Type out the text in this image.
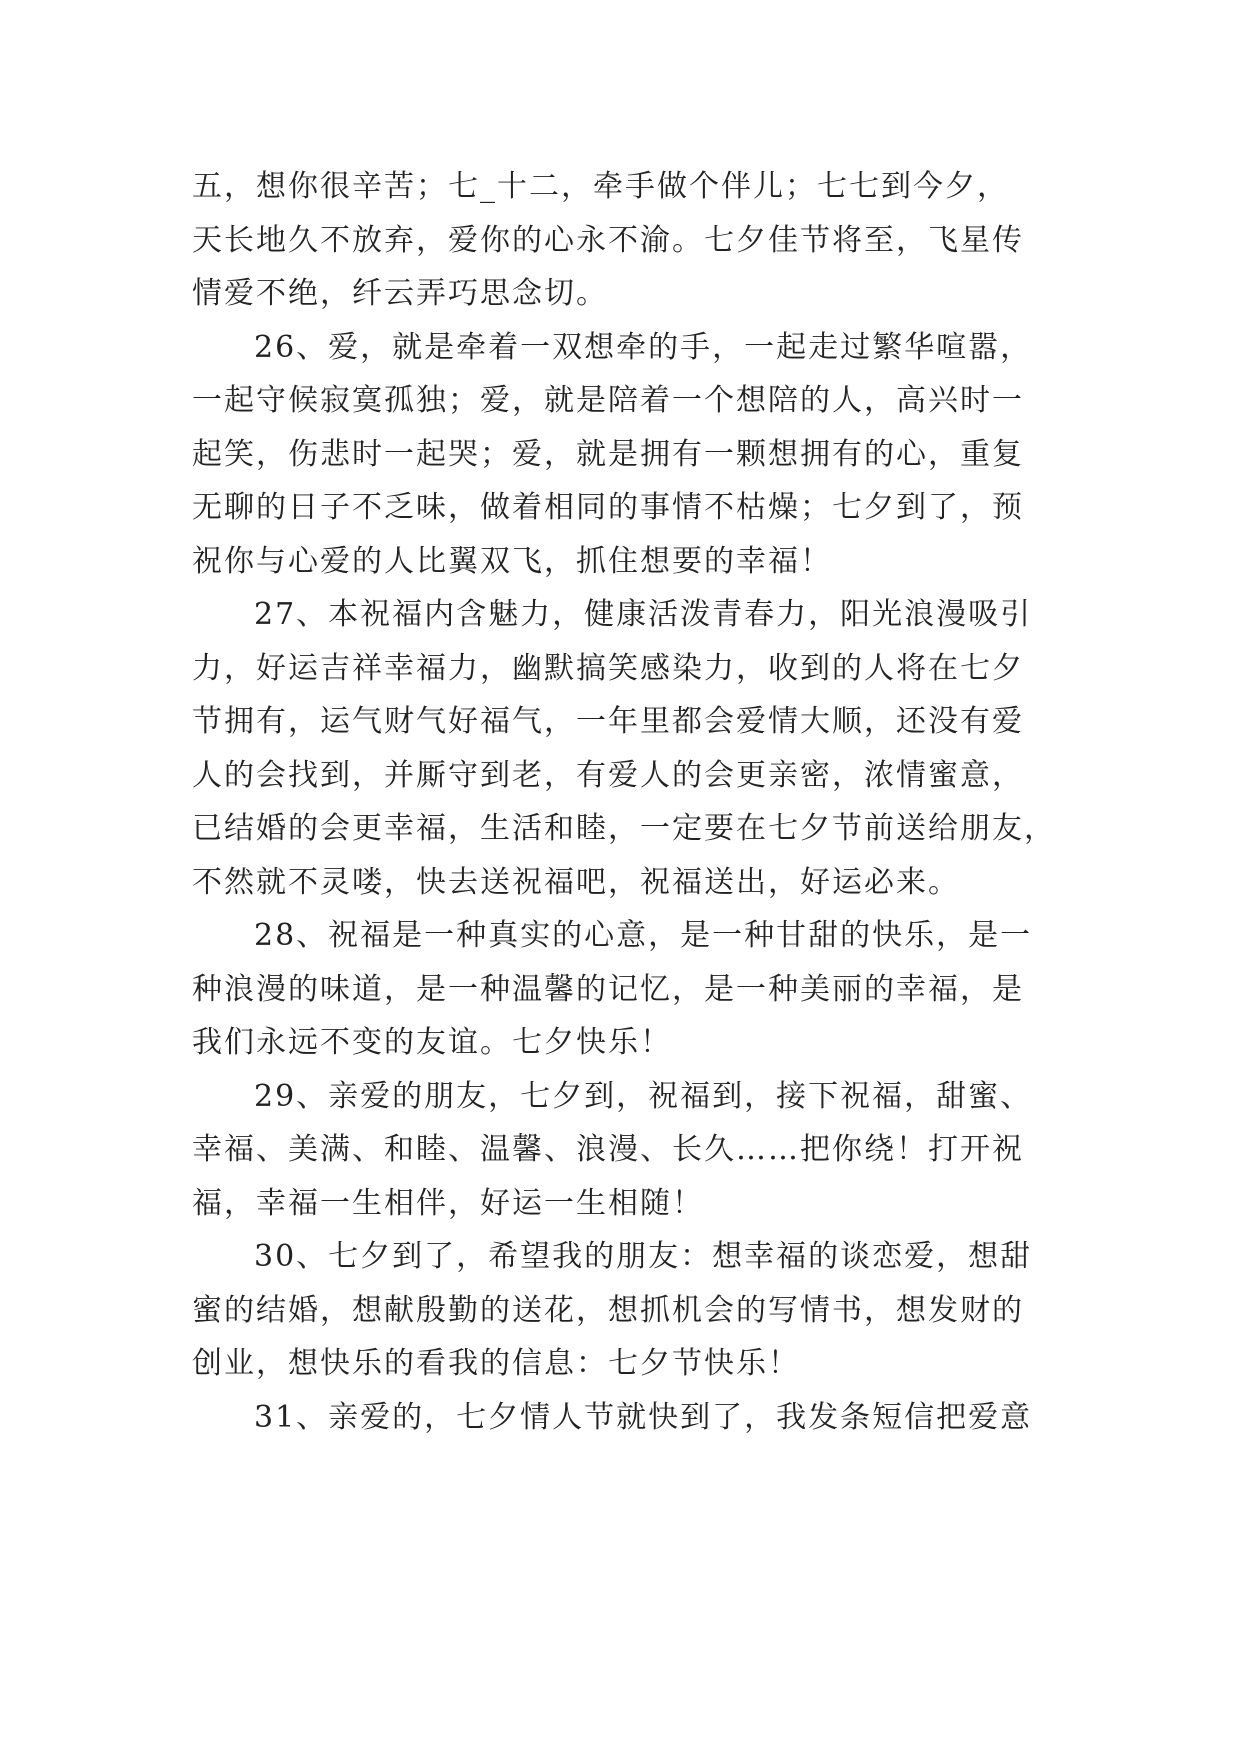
五，想你很辛苦；七_十二，牵手做个伴儿；七七到今夕，
天长地久不放弃，爱你的心永不渝。七夕佳节将至，飞星传
情爱不绝，纤云弄巧思念切。
26、爱，就是牵着一双想牵的手，一起走过繁华喧嚣，
一起守候寂寞孤独；爱，就是陪着一个想陪的人，高兴时一
起笑，伤悲时一起哭；爱，就是拥有一颗想拥有的心，重复
无聊的日子不乏味，做着相同的事情不枯燥；七夕到了，预
祝你与心爱的人比翼双飞，抓住想要的幸福！
27、本祝福内含魅力，健康活泼青春力，阳光浪漫吸引
力，好运吉祥幸福力，幽默搞笑感染力，收到的人将在七夕
节拥有，运气财气好福气，一年里都会爱情大顺，还没有爱
人的会找到，并厮守到老，有爱人的会更亲密，浓情蜜意，
已结婚的会更幸福，生活和睦，一定要在七夕节前送给朋友，
不然就不灵喽，快去送祝福吧，祝福送出，好运必来。
28、祝福是一种真实的心意，是一种甘甜的快乐，是一
种浪漫的味道，是一种温馨的记忆，是一种美丽的幸福，是
我们永远不变的友谊。七夕快乐！
29、亲爱的朋友，七夕到，祝福到，接下祝福，甜蜜、
幸福、美满、和睦、温馨、浪漫、长久……把你绕！打开祝
福，幸福一生相伴，好运一生相随！
30、七夕到了，希望我的朋友：想幸福的谈恋爱，想甜
蜜的结婚，想献殷勤的送花，想抓机会的写情书，想发财的
创业，想快乐的看我的信息：七夕节快乐！
31、亲爱的，七夕情人节就快到了，我发条短信把爱意
